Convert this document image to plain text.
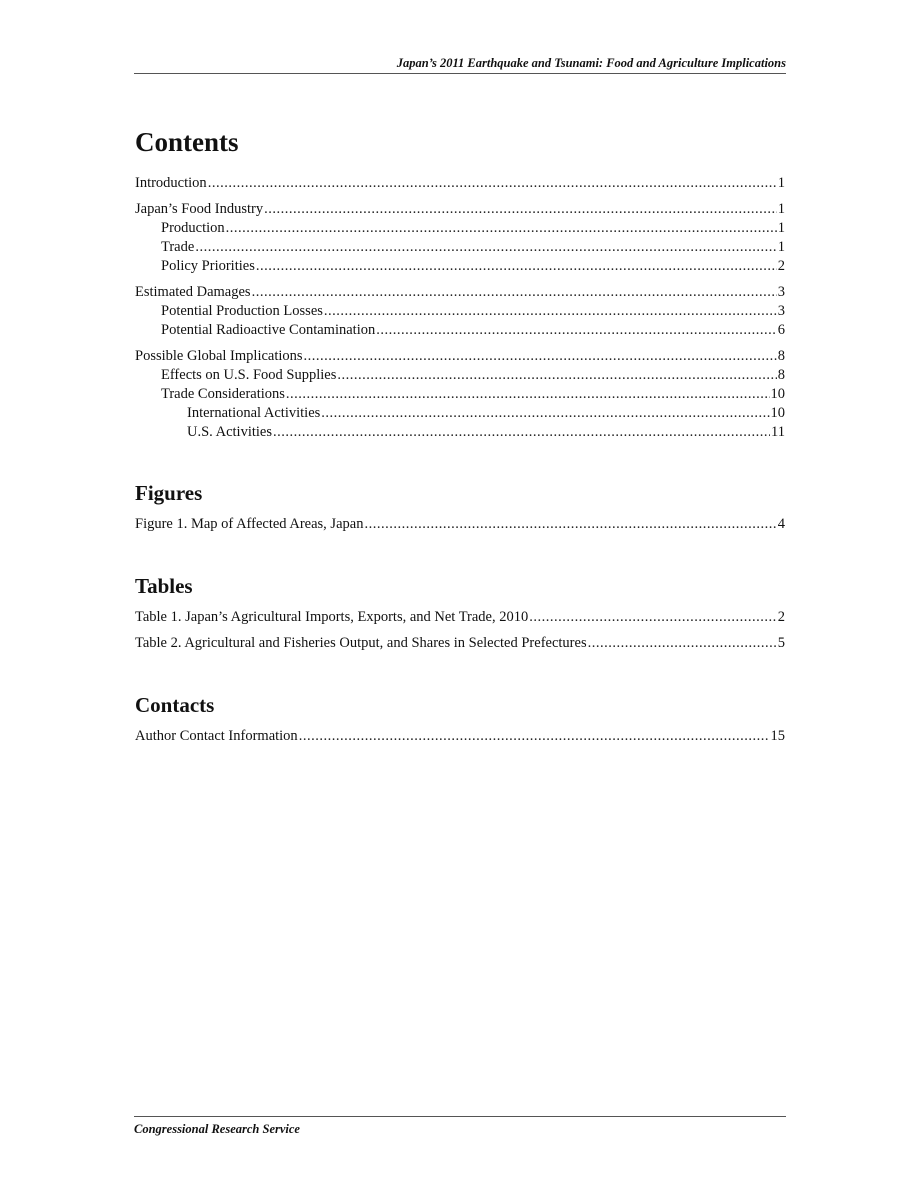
Japan’s 2011 Earthquake and Tsunami: Food and Agriculture Implications
Contents
Introduction .....	1
Japan’s Food Industry .....	1
Production .....	1
Trade .....	1
Policy Priorities .....	2
Estimated Damages .....	3
Potential Production Losses .....	3
Potential Radioactive Contamination .....	6
Possible Global Implications .....	8
Effects on U.S. Food Supplies .....	8
Trade Considerations .....	10
International Activities .....	10
U.S. Activities .....	11
Figures
Figure 1. Map of Affected Areas, Japan .....	4
Tables
Table 1. Japan’s Agricultural Imports, Exports, and Net Trade, 2010 .....	2
Table 2. Agricultural and Fisheries Output, and Shares in Selected Prefectures .....	5
Contacts
Author Contact Information .....	15
Congressional Research Service
